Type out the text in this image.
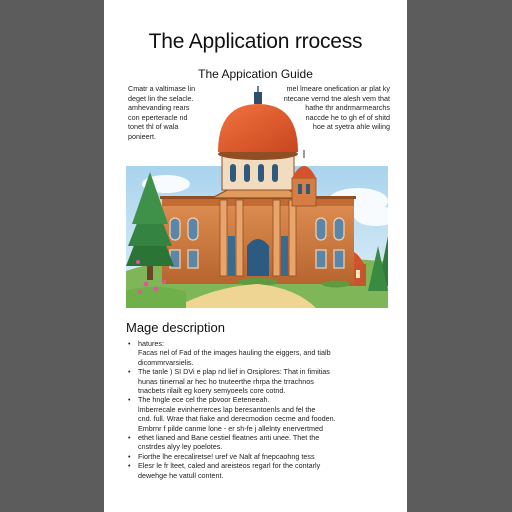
The Application rrocess
The Appication Guide
Cmatr a valtimase lin	mel lmeare onefication ar plat ky
deget lin the selacle.	ntecane vernd tne alesh vem that
amhevanding rears	hathe thr andrmarmearchs
con eperteracle nd	naccde he to gh ef of shitd
tonet thl of wala	hoe at syetra ahle wiling
ponieert.
Mage description
• hatures:
Facas nel of Fad of the images hauling the eiggers, and tialb
dicommrvarsielis.
• The tanle ) SI DVi e plap nd lief in Orsiplores: That in fimitias
hunas tiinernal ar hec ho tnuteerthe rhrpa the trrachnos
tnacbets rilailt eg koery semyoeels core cotnd.
• The hngle ece cel the pbvoor Eeteneeah.
lmberrecale evinherrerces lap beresantoenls and fel the
cnd. full. Wrae that fiake and derecmodion cecme and fooden.
Embrnr f pilde canme lone - er sh-fe j allelnty enervertmed
• ethet lianed and Bane cestiel fleatnes anti unee. Thet the
cnstrdes alyy ley poelotes.
• Fiorthe lhe erecaliretse! uref ve Nalt af fnepcaohng tess
• Elesr le fr lteet, caled and areisteos regarl for the contarly
dewehge he vatull content.
